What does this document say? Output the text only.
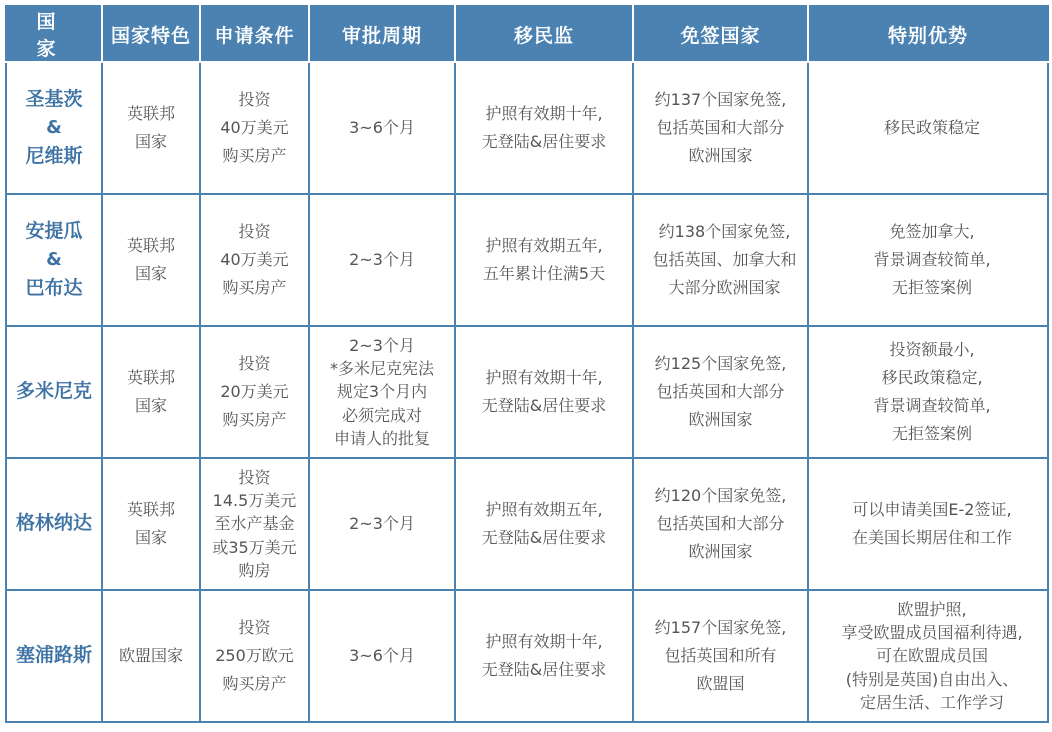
国　家	国家特色	申请条件	审批周期	移民监	免签国家	特别优势

圣基茨
&
尼维斯	英联邦
国家	投资
40万美元
购买房产	3~6个月	护照有效期十年,
无登陆&居住要求	约137个国家免签,
包括英国和大部分
欧洲国家	移民政策稳定

安提瓜
&
巴布达	英联邦
国家	投资
40万美元
购买房产	2~3个月	护照有效期五年,
五年累计住满5天	约138个国家免签,
包括英国、加拿大和
大部分欧洲国家	免签加拿大,
背景调查较简单,
无拒签案例

多米尼克	英联邦
国家	投资
20万美元
购买房产	2~3个月
*多米尼克宪法
规定3个月内
必须完成对
申请人的批复	护照有效期十年,
无登陆&居住要求	约125个国家免签,
包括英国和大部分
欧洲国家	投资额最小,
移民政策稳定,
背景调查较简单,
无拒签案例

格林纳达	英联邦
国家	投资
14.5万美元
至水产基金
或35万美元
购房	2~3个月	护照有效期五年,
无登陆&居住要求	约120个国家免签,
包括英国和大部分
欧洲国家	可以申请美国E-2签证,
在美国长期居住和工作

塞浦路斯	欧盟国家	投资
250万欧元
购买房产	3~6个月	护照有效期十年,
无登陆&居住要求	约157个国家免签,
包括英国和所有
欧盟国	欧盟护照,
享受欧盟成员国福利待遇,
可在欧盟成员国
(特别是英国)自由出入、
定居生活、工作学习
